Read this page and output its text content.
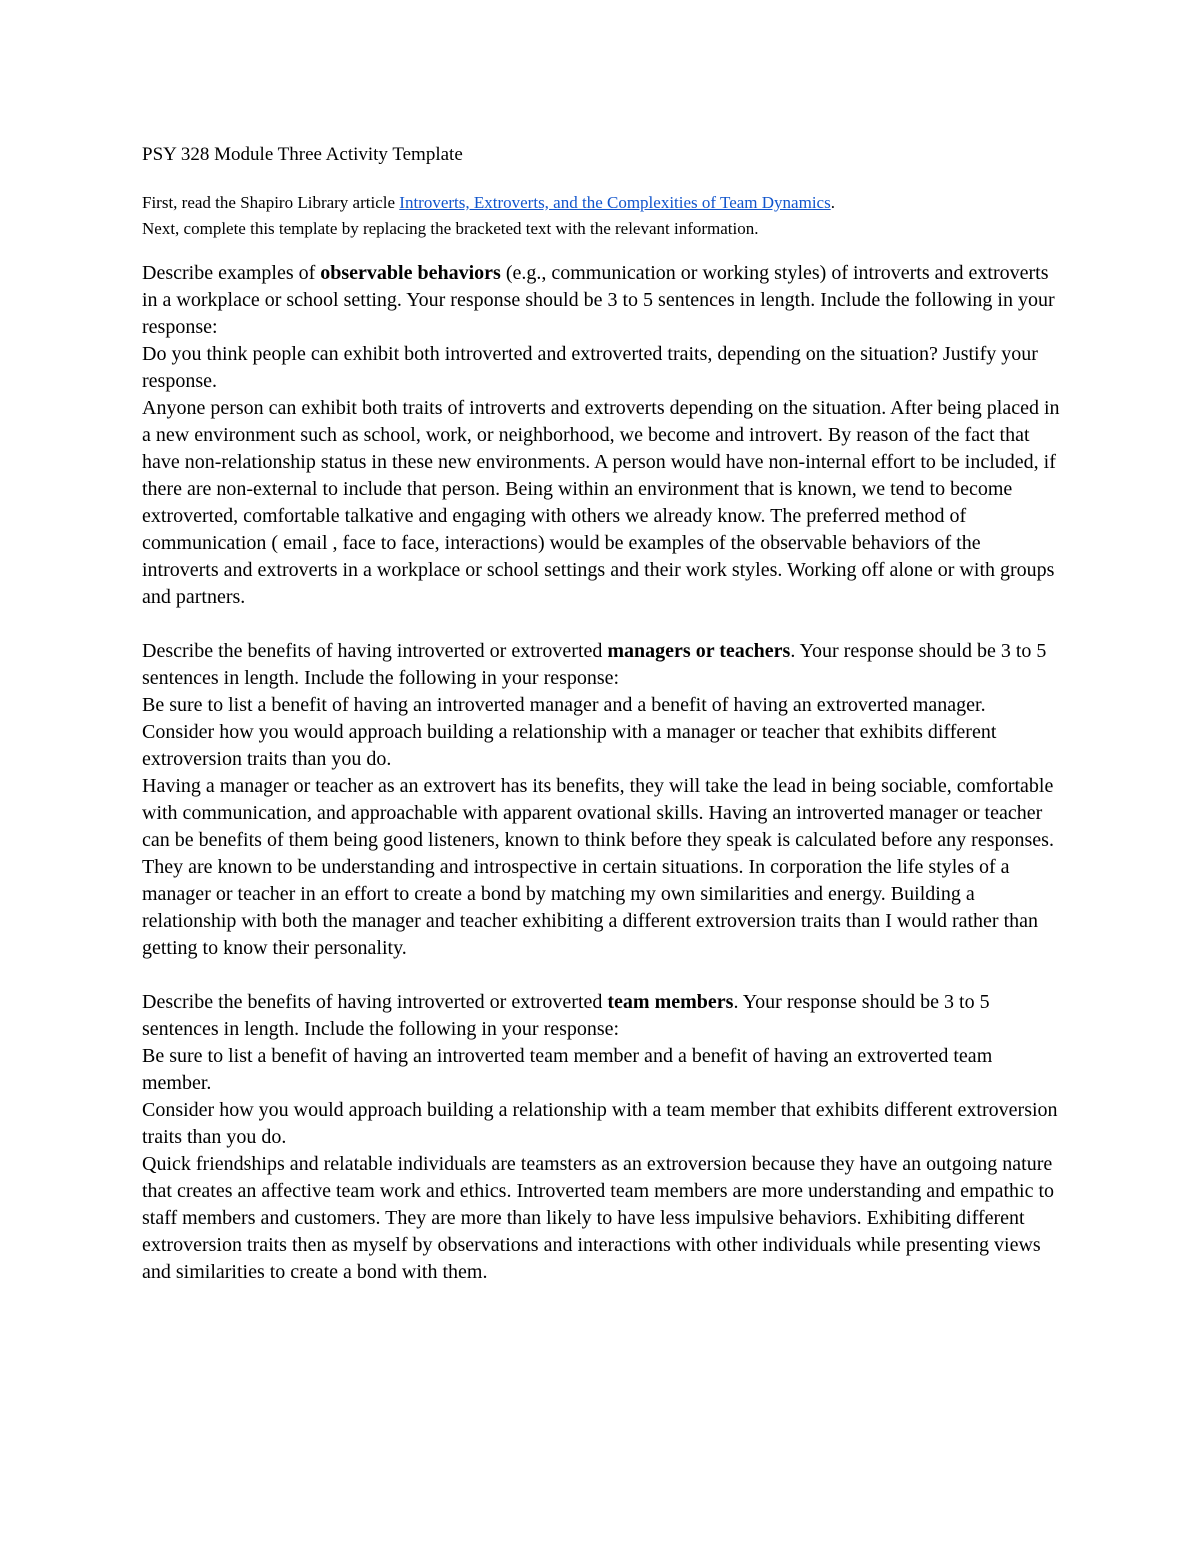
PSY 328 Module Three Activity Template

First, read the Shapiro Library article Introverts, Extroverts, and the Complexities of Team Dynamics.

Next, complete this template by replacing the bracketed text with the relevant information.

Describe examples of observable behaviors (e.g., communication or working styles) of introverts and extroverts in a workplace or school setting. Your response should be 3 to 5 sentences in length. Include the following in your response:

Do you think people can exhibit both introverted and extroverted traits, depending on the situation? Justify your response.

Anyone person can exhibit both traits of introverts and extroverts depending on the situation. After being placed in a new environment such as school, work, or neighborhood, we become and introvert. By reason of the fact that have non-relationship status in these new environments. A person would have non-internal effort to be included, if there are non-external to include that person. Being within an environment that is known, we tend to become extroverted, comfortable talkative and engaging with others we already know. The preferred method of communication ( email , face to face, interactions) would be examples of the observable behaviors of the introverts and extroverts in a workplace or school settings and their work styles. Working off alone or with groups and partners.

Describe the benefits of having introverted or extroverted managers or teachers. Your response should be 3 to 5 sentences in length. Include the following in your response:

Be sure to list a benefit of having an introverted manager and a benefit of having an extroverted manager.

Consider how you would approach building a relationship with a manager or teacher that exhibits different extroversion traits than you do.

Having a manager or teacher as an extrovert has its benefits, they will take the lead in being sociable, comfortable with communication, and approachable with apparent ovational skills. Having an introverted manager or teacher can be benefits of them being good listeners, known to think before they speak is calculated before any responses. They are known to be understanding and introspective in certain situations. In corporation the life styles of a manager or teacher in an effort to create a bond by matching my own similarities and energy. Building a relationship with both the manager and teacher exhibiting a different extroversion traits than I would rather than getting to know their personality.

Describe the benefits of having introverted or extroverted team members. Your response should be 3 to 5 sentences in length. Include the following in your response:

Be sure to list a benefit of having an introverted team member and a benefit of having an extroverted team member.

Consider how you would approach building a relationship with a team member that exhibits different extroversion traits than you do.

Quick friendships and relatable individuals are teamsters as an extroversion because they have an outgoing nature that creates an affective team work and ethics. Introverted team members are more understanding and empathic to staff members and customers. They are more than likely to have less impulsive behaviors. Exhibiting different extroversion traits then as myself by observations and interactions with other individuals while presenting views and similarities to create a bond with them.
